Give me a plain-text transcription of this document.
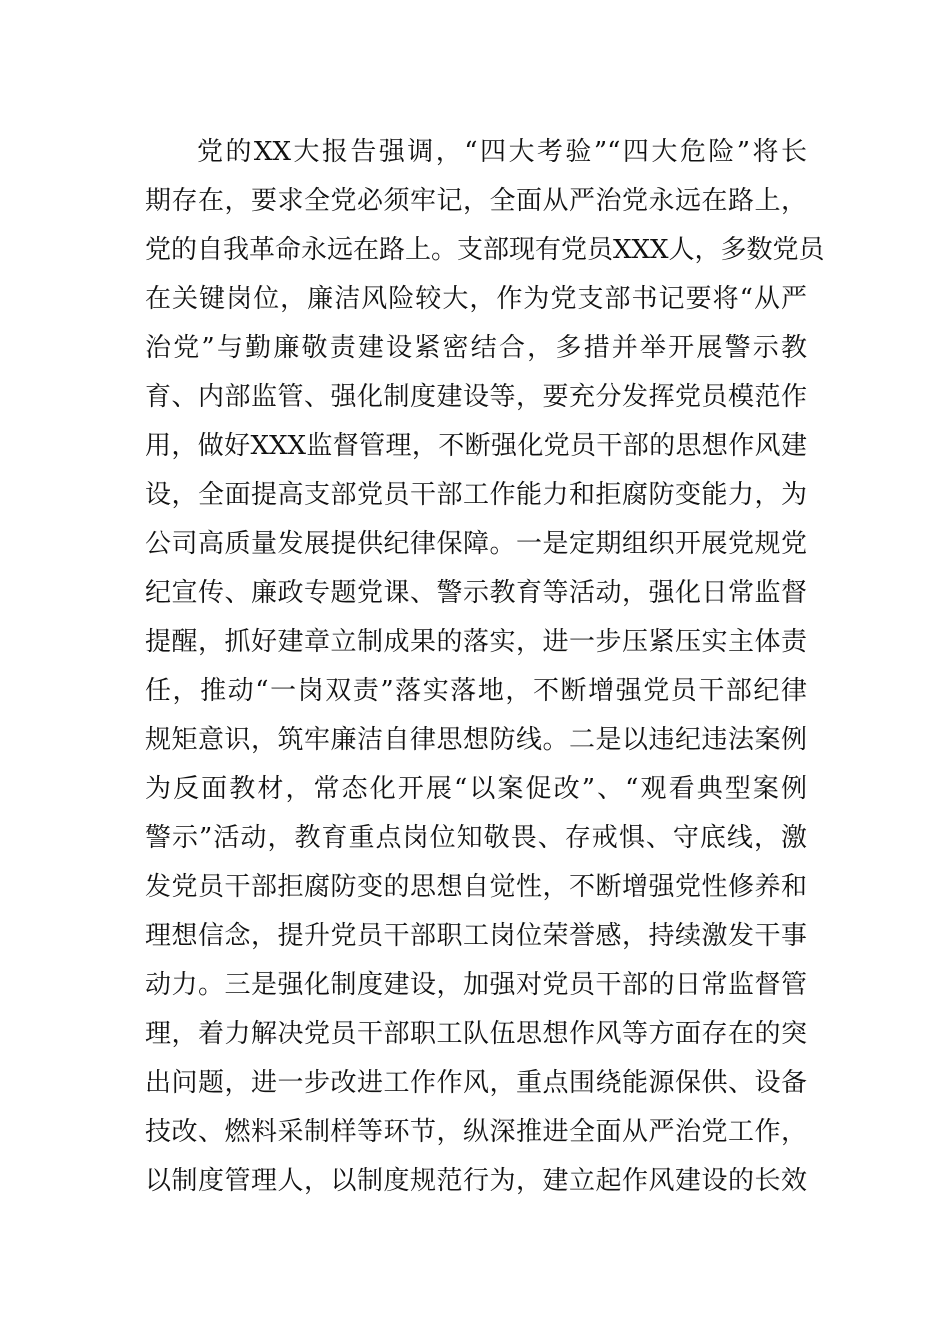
党的XX大报告强调，“四大考验”“四大危险”将长
期存在，要求全党必须牢记，全面从严治党永远在路上，
党的自我革命永远在路上。支部现有党员XXX人，多数党员
在关键岗位，廉洁风险较大，作为党支部书记要将“从严
治党”与勤廉敬责建设紧密结合，多措并举开展警示教
育、内部监管、强化制度建设等，要充分发挥党员模范作
用，做好XXX监督管理，不断强化党员干部的思想作风建
设，全面提高支部党员干部工作能力和拒腐防变能力，为
公司高质量发展提供纪律保障。一是定期组织开展党规党
纪宣传、廉政专题党课、警示教育等活动，强化日常监督
提醒，抓好建章立制成果的落实，进一步压紧压实主体责
任，推动“一岗双责”落实落地，不断增强党员干部纪律
规矩意识，筑牢廉洁自律思想防线。二是以违纪违法案例
为反面教材，常态化开展“以案促改”、“观看典型案例
警示”活动，教育重点岗位知敬畏、存戒惧、守底线，激
发党员干部拒腐防变的思想自觉性，不断增强党性修养和
理想信念，提升党员干部职工岗位荣誉感，持续激发干事
动力。三是强化制度建设，加强对党员干部的日常监督管
理，着力解决党员干部职工队伍思想作风等方面存在的突
出问题，进一步改进工作作风，重点围绕能源保供、设备
技改、燃料采制样等环节，纵深推进全面从严治党工作，
以制度管理人，以制度规范行为，建立起作风建设的长效
